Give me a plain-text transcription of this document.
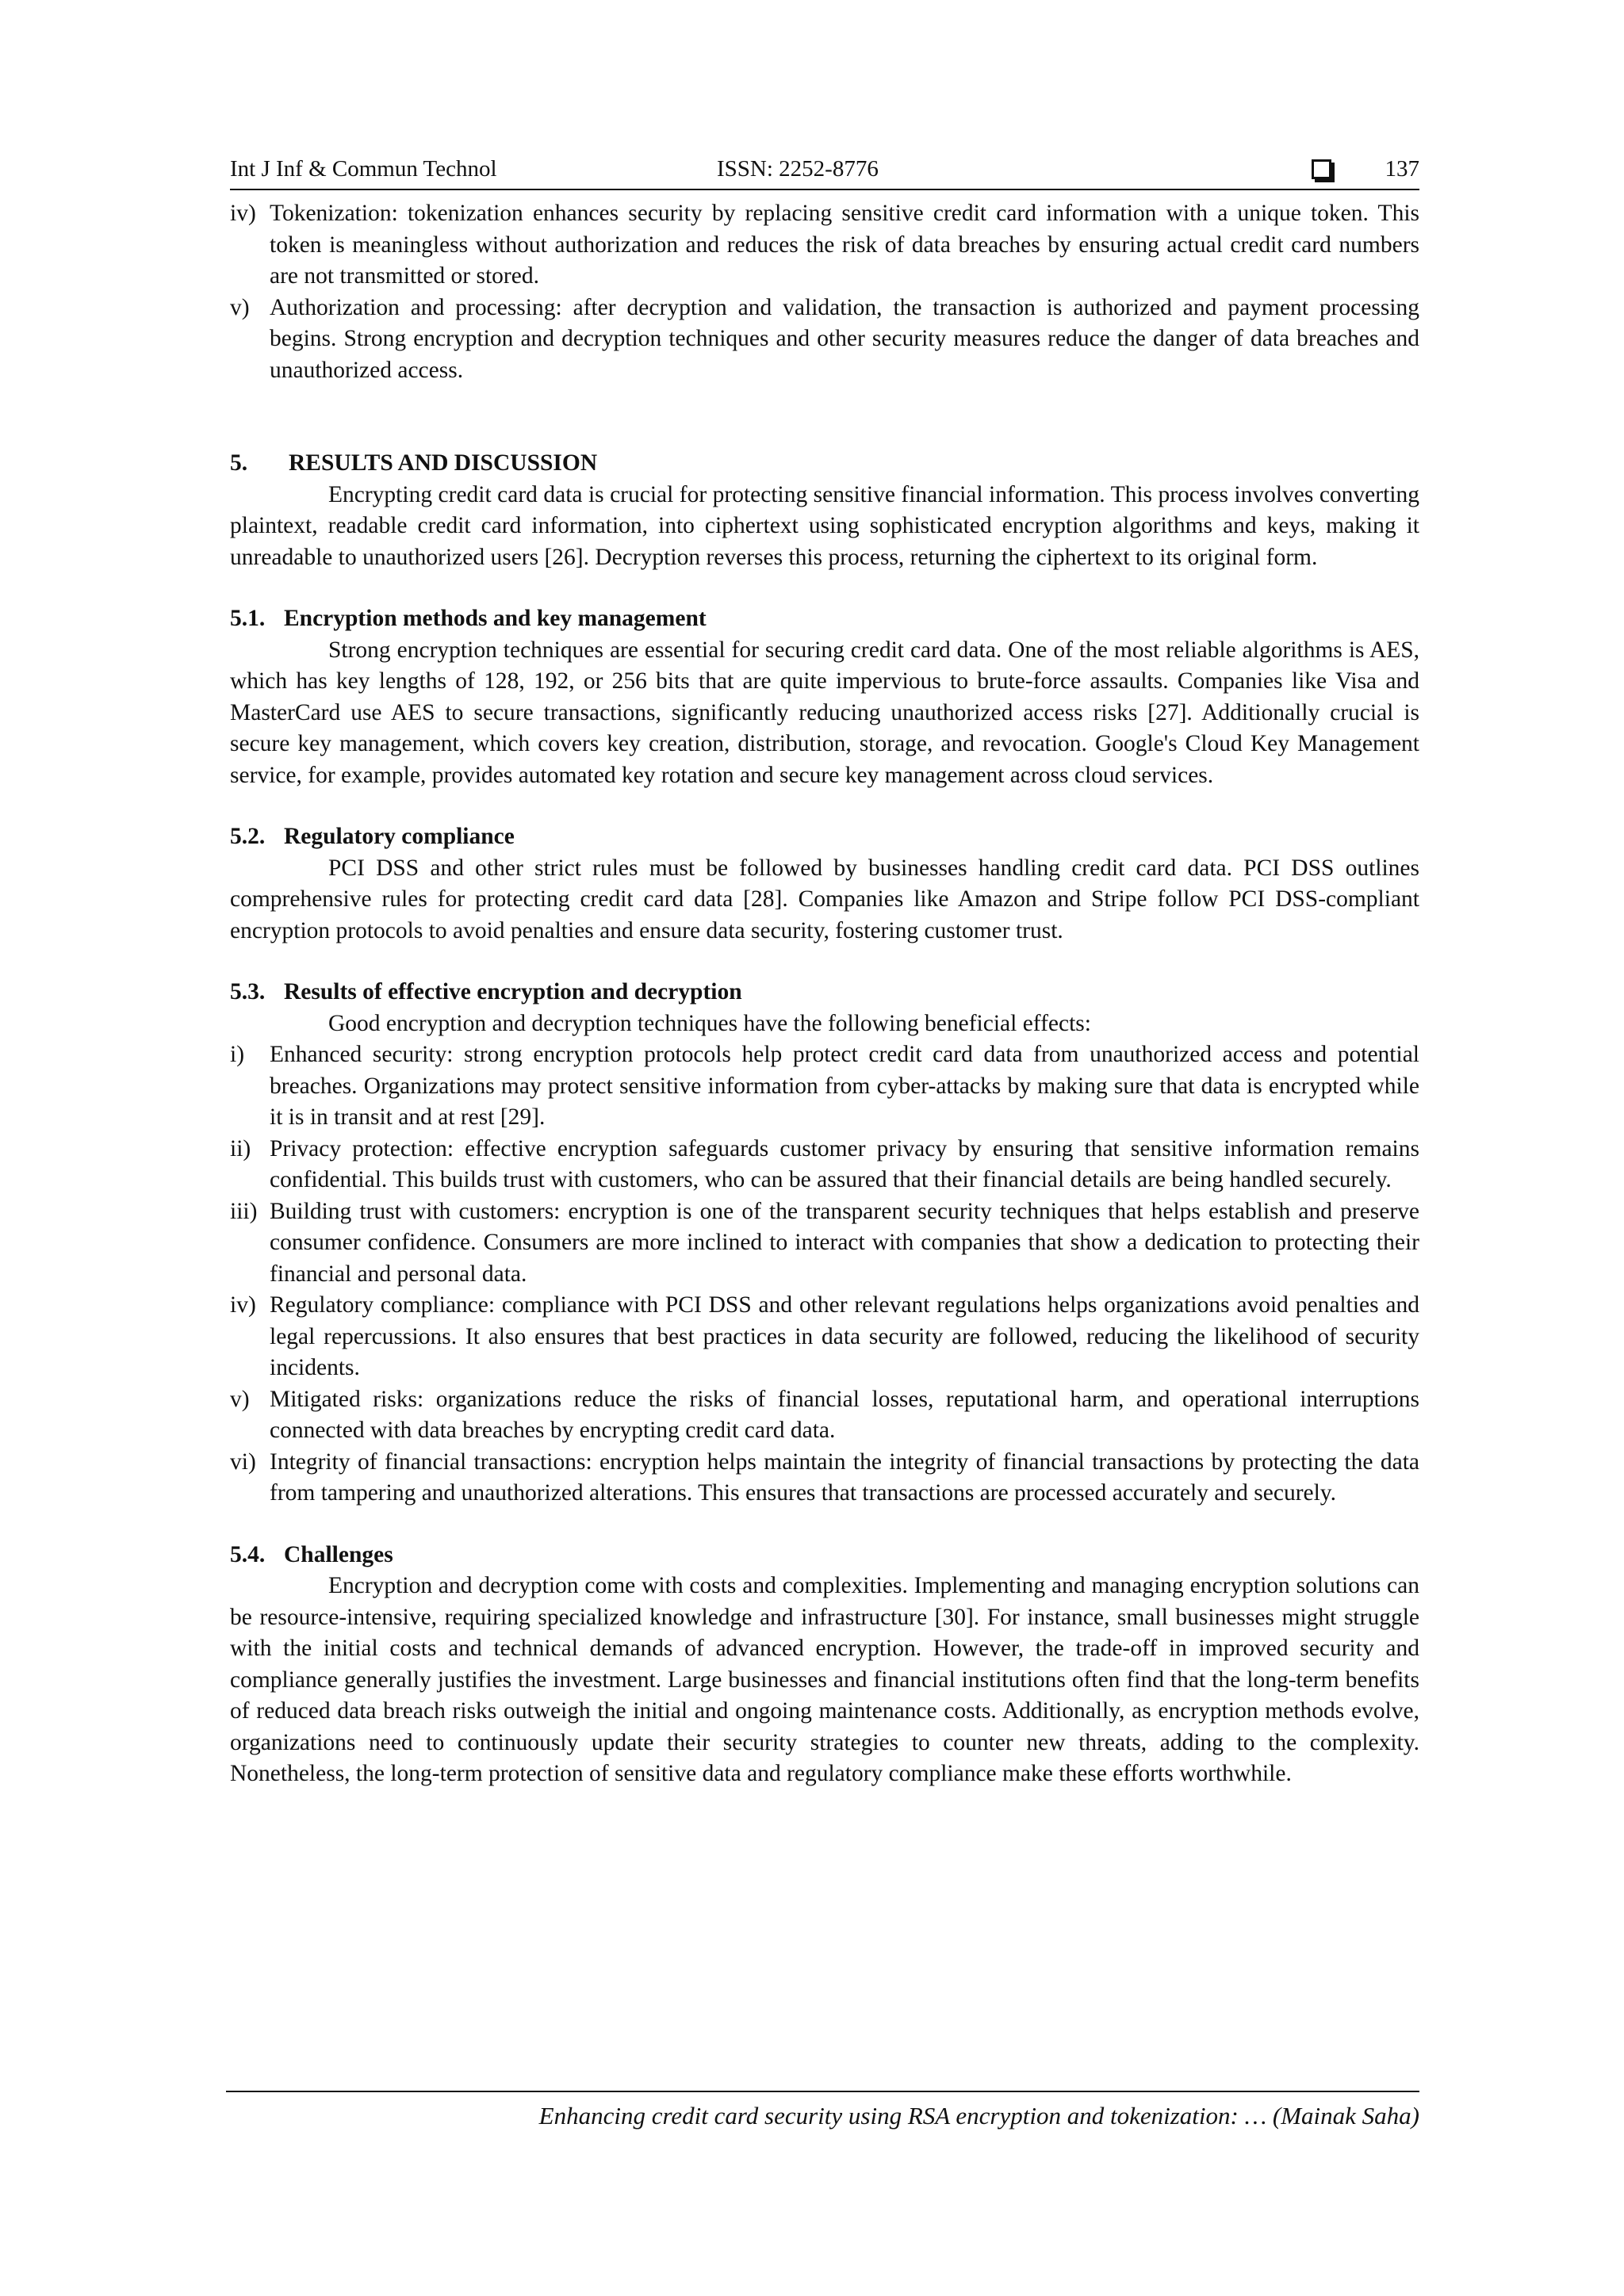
Int J Inf & Commun Technol	ISSN: 2252-8776	137
iv) Tokenization: tokenization enhances security by replacing sensitive credit card information with a unique token. This token is meaningless without authorization and reduces the risk of data breaches by ensuring actual credit card numbers are not transmitted or stored.
v) Authorization and processing: after decryption and validation, the transaction is authorized and payment processing begins. Strong encryption and decryption techniques and other security measures reduce the danger of data breaches and unauthorized access.
5. RESULTS AND DISCUSSION

Encrypting credit card data is crucial for protecting sensitive financial information. This process involves converting plaintext, readable credit card information, into ciphertext using sophisticated encryption algorithms and keys, making it unreadable to unauthorized users [26]. Decryption reverses this process, returning the ciphertext to its original form.

5.1. Encryption methods and key management

Strong encryption techniques are essential for securing credit card data. One of the most reliable algorithms is AES, which has key lengths of 128, 192, or 256 bits that are quite impervious to brute-force assaults. Companies like Visa and MasterCard use AES to secure transactions, significantly reducing unauthorized access risks [27]. Additionally crucial is secure key management, which covers key creation, distribution, storage, and revocation. Google's Cloud Key Management service, for example, provides automated key rotation and secure key management across cloud services.

5.2. Regulatory compliance

PCI DSS and other strict rules must be followed by businesses handling credit card data. PCI DSS outlines comprehensive rules for protecting credit card data [28]. Companies like Amazon and Stripe follow PCI DSS-compliant encryption protocols to avoid penalties and ensure data security, fostering customer trust.

5.3. Results of effective encryption and decryption

Good encryption and decryption techniques have the following beneficial effects:

i) Enhanced security: strong encryption protocols help protect credit card data from unauthorized access and potential breaches. Organizations may protect sensitive information from cyber-attacks by making sure that data is encrypted while it is in transit and at rest [29].
ii) Privacy protection: effective encryption safeguards customer privacy by ensuring that sensitive information remains confidential. This builds trust with customers, who can be assured that their financial details are being handled securely.
iii) Building trust with customers: encryption is one of the transparent security techniques that helps establish and preserve consumer confidence. Consumers are more inclined to interact with companies that show a dedication to protecting their financial and personal data.
iv) Regulatory compliance: compliance with PCI DSS and other relevant regulations helps organizations avoid penalties and legal repercussions. It also ensures that best practices in data security are followed, reducing the likelihood of security incidents.
v) Mitigated risks: organizations reduce the risks of financial losses, reputational harm, and operational interruptions connected with data breaches by encrypting credit card data.
vi) Integrity of financial transactions: encryption helps maintain the integrity of financial transactions by protecting the data from tampering and unauthorized alterations. This ensures that transactions are processed accurately and securely.
5.4. Challenges

Encryption and decryption come with costs and complexities. Implementing and managing encryption solutions can be resource-intensive, requiring specialized knowledge and infrastructure [30]. For instance, small businesses might struggle with the initial costs and technical demands of advanced encryption. However, the trade-off in improved security and compliance generally justifies the investment. Large businesses and financial institutions often find that the long-term benefits of reduced data breach risks outweigh the initial and ongoing maintenance costs. Additionally, as encryption methods evolve, organizations need to continuously update their security strategies to counter new threats, adding to the complexity. Nonetheless, the long-term protection of sensitive data and regulatory compliance make these efforts worthwhile.

Enhancing credit card security using RSA encryption and tokenization: … (Mainak Saha)
